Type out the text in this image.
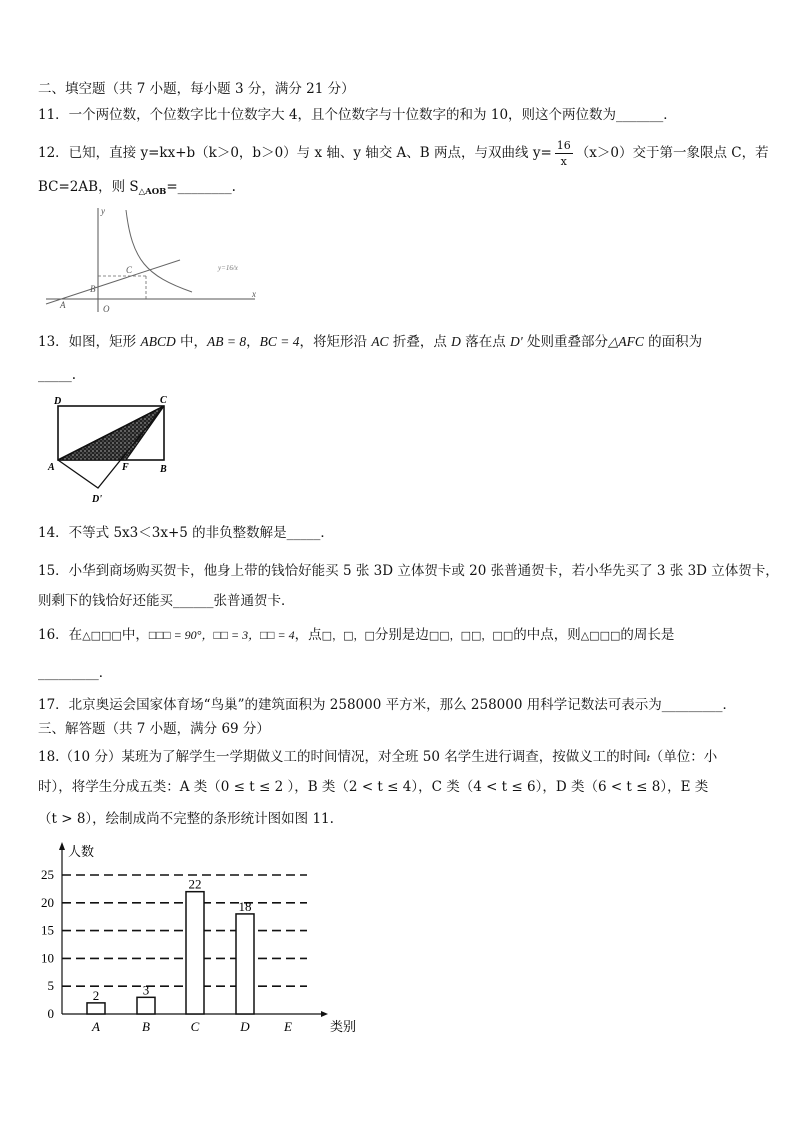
二、填空题（共 7 小题，每小题 3 分，满分 21 分）
11．一个两位数，个位数字比十位数字大 4，且个位数字与十位数字的和为 10，则这个两位数为_______．
12．已知，直接 y=kx+b（k＞0，b＞0）与 x 轴、y 轴交 A、B 两点，与双曲线 $y= \frac{16}{x} (x>0)$交于第一象限点 C，若
BC=2AB，则 $S_{\triangle AOB}=\_\_\_\_\_\_\_\_$.
y
x
O
A
B
C	y=16/x
13．如图，矩形 ABCD 中，AB = 8，BC = 4，将矩形沿 AC 折叠，点 D 落在点 D' 处则重叠部分△AFC 的面积为
_____.
D	C
A	B
F
D'
14．不等式 5x3＜3x+5 的非负整数解是_____．
15．小华到商场购买贺卡，他身上带的钱恰好能买 5 张 3D 立体贺卡或 20 张普通贺卡，若小华先买了 3 张 3D 立体贺卡，
则剩下的钱恰好还能买______张普通贺卡．
16．在△□□□中，□□□ = 90°，□□ = 3，□□ = 4，点□，□，□分别是边□□，□□，□□的中点，则△□□□的周长是
_________．
17．北京奥运会国家体育场“鸟巢”的建筑面积为 258000 平方米，那么 258000 用科学记数法可表示为_________．
三、解答题（共 7 小题，满分 69 分）
18.（10 分）某班为了解学生一学期做义工的时间情况，对全班 50 名学生进行调查，按做义工的时间t（单位：小
时），将学生分成五类：A 类（0 ≤ t ≤ 2 ），B 类（2 < t ≤ 4），C 类（4 < t ≤ 6），D 类（6 < t ≤ 8），E 类
（t > 8），绘制成尚不完整的条形统计图如图 11.
人数
类别
0
5
10
15
20
25
A
2
B
3
C
22
D
18
E
